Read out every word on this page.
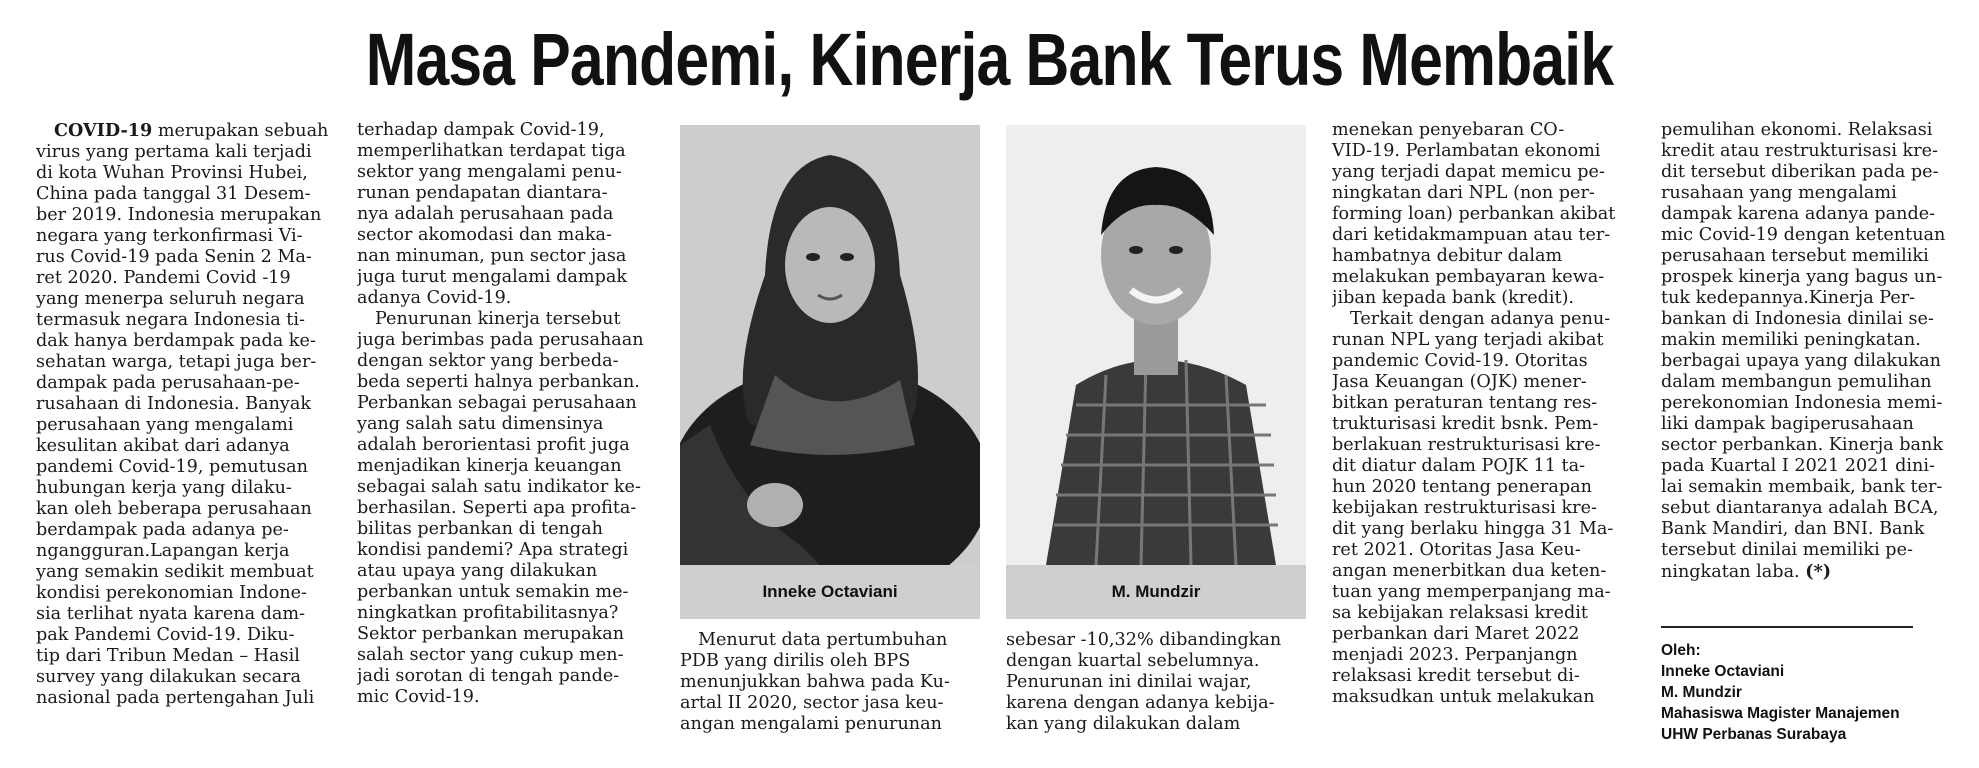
Masa Pandemi, Kinerja Bank Terus Membaik
COVID-19 merupakan sebuah
virus yang pertama kali terjadi
di kota Wuhan Provinsi Hubei,
China pada tanggal 31 Desem-
ber 2019. Indonesia merupakan
negara yang terkonfirmasi Vi-
rus Covid-19 pada Senin 2 Ma-
ret 2020. Pandemi Covid -19
yang menerpa seluruh negara
termasuk negara Indonesia ti-
dak hanya berdampak pada ke-
sehatan warga, tetapi juga ber-
dampak pada perusahaan-pe-
rusahaan di Indonesia. Banyak
perusahaan yang mengalami
kesulitan akibat dari adanya
pandemi Covid-19, pemutusan
hubungan kerja yang dilaku-
kan oleh beberapa perusahaan
berdampak pada adanya pe-
ngangguran.Lapangan kerja
yang semakin sedikit membuat
kondisi perekonomian Indone-
sia terlihat nyata karena dam-
pak Pandemi Covid-19. Diku-
tip dari Tribun Medan – Hasil
survey yang dilakukan secara
nasional pada pertengahan Juli
terhadap dampak Covid-19,
memperlihatkan terdapat tiga
sektor yang mengalami penu-
runan pendapatan diantara-
nya adalah perusahaan pada
sector akomodasi dan maka-
nan minuman, pun sector jasa
juga turut mengalami dampak
adanya Covid-19.
Penurunan kinerja tersebut
juga berimbas pada perusahaan
dengan sektor yang berbeda-
beda seperti halnya perbankan.
Perbankan sebagai perusahaan
yang salah satu dimensinya
adalah berorientasi profit juga
menjadikan kinerja keuangan
sebagai salah satu indikator ke-
berhasilan. Seperti apa profita-
bilitas perbankan di tengah
kondisi pandemi? Apa strategi
atau upaya yang dilakukan
perbankan untuk semakin me-
ningkatkan profitabilitasnya?
Sektor perbankan merupakan
salah sector yang cukup men-
jadi sorotan di tengah pande-
mic Covid-19.
Inneke Octaviani	M. Mundzir
Menurut data pertumbuhan
PDB yang dirilis oleh BPS
menunjukkan bahwa pada Ku-
artal II 2020, sector jasa keu-
angan mengalami penurunan
sebesar -10,32% dibandingkan
dengan kuartal sebelumnya.
Penurunan ini dinilai wajar,
karena dengan adanya kebija-
kan yang dilakukan dalam
menekan penyebaran CO-
VID-19. Perlambatan ekonomi
yang terjadi dapat memicu pe-
ningkatan dari NPL (non per-
forming loan) perbankan akibat
dari ketidakmampuan atau ter-
hambatnya debitur dalam
melakukan pembayaran kewa-
jiban kepada bank (kredit).
Terkait dengan adanya penu-
runan NPL yang terjadi akibat
pandemic Covid-19. Otoritas
Jasa Keuangan (OJK) mener-
bitkan peraturan tentang res-
trukturisasi kredit bsnk. Pem-
berlakuan restrukturisasi kre-
dit diatur dalam POJK 11 ta-
hun 2020 tentang penerapan
kebijakan restrukturisasi kre-
dit yang berlaku hingga 31 Ma-
ret 2021. Otoritas Jasa Keu-
angan menerbitkan dua keten-
tuan yang memperpanjang ma-
sa kebijakan relaksasi kredit
perbankan dari Maret 2022
menjadi 2023. Perpanjangn
relaksasi kredit tersebut di-
maksudkan untuk melakukan
pemulihan ekonomi. Relaksasi
kredit atau restrukturisasi kre-
dit tersebut diberikan pada pe-
rusahaan yang mengalami
dampak karena adanya pande-
mic Covid-19 dengan ketentuan
perusahaan tersebut memiliki
prospek kinerja yang bagus un-
tuk kedepannya.Kinerja Per-
bankan di Indonesia dinilai se-
makin memiliki peningkatan.
berbagai upaya yang dilakukan
dalam membangun pemulihan
perekonomian Indonesia memi-
liki dampak bagiperusahaan
sector perbankan. Kinerja bank
pada Kuartal I 2021 2021 dini-
lai semakin membaik, bank ter-
sebut diantaranya adalah BCA,
Bank Mandiri, dan BNI. Bank
tersebut dinilai memiliki pe-
ningkatan laba. (*)
Oleh:
Inneke Octaviani
M. Mundzir
Mahasiswa Magister Manajemen
UHW Perbanas Surabaya
